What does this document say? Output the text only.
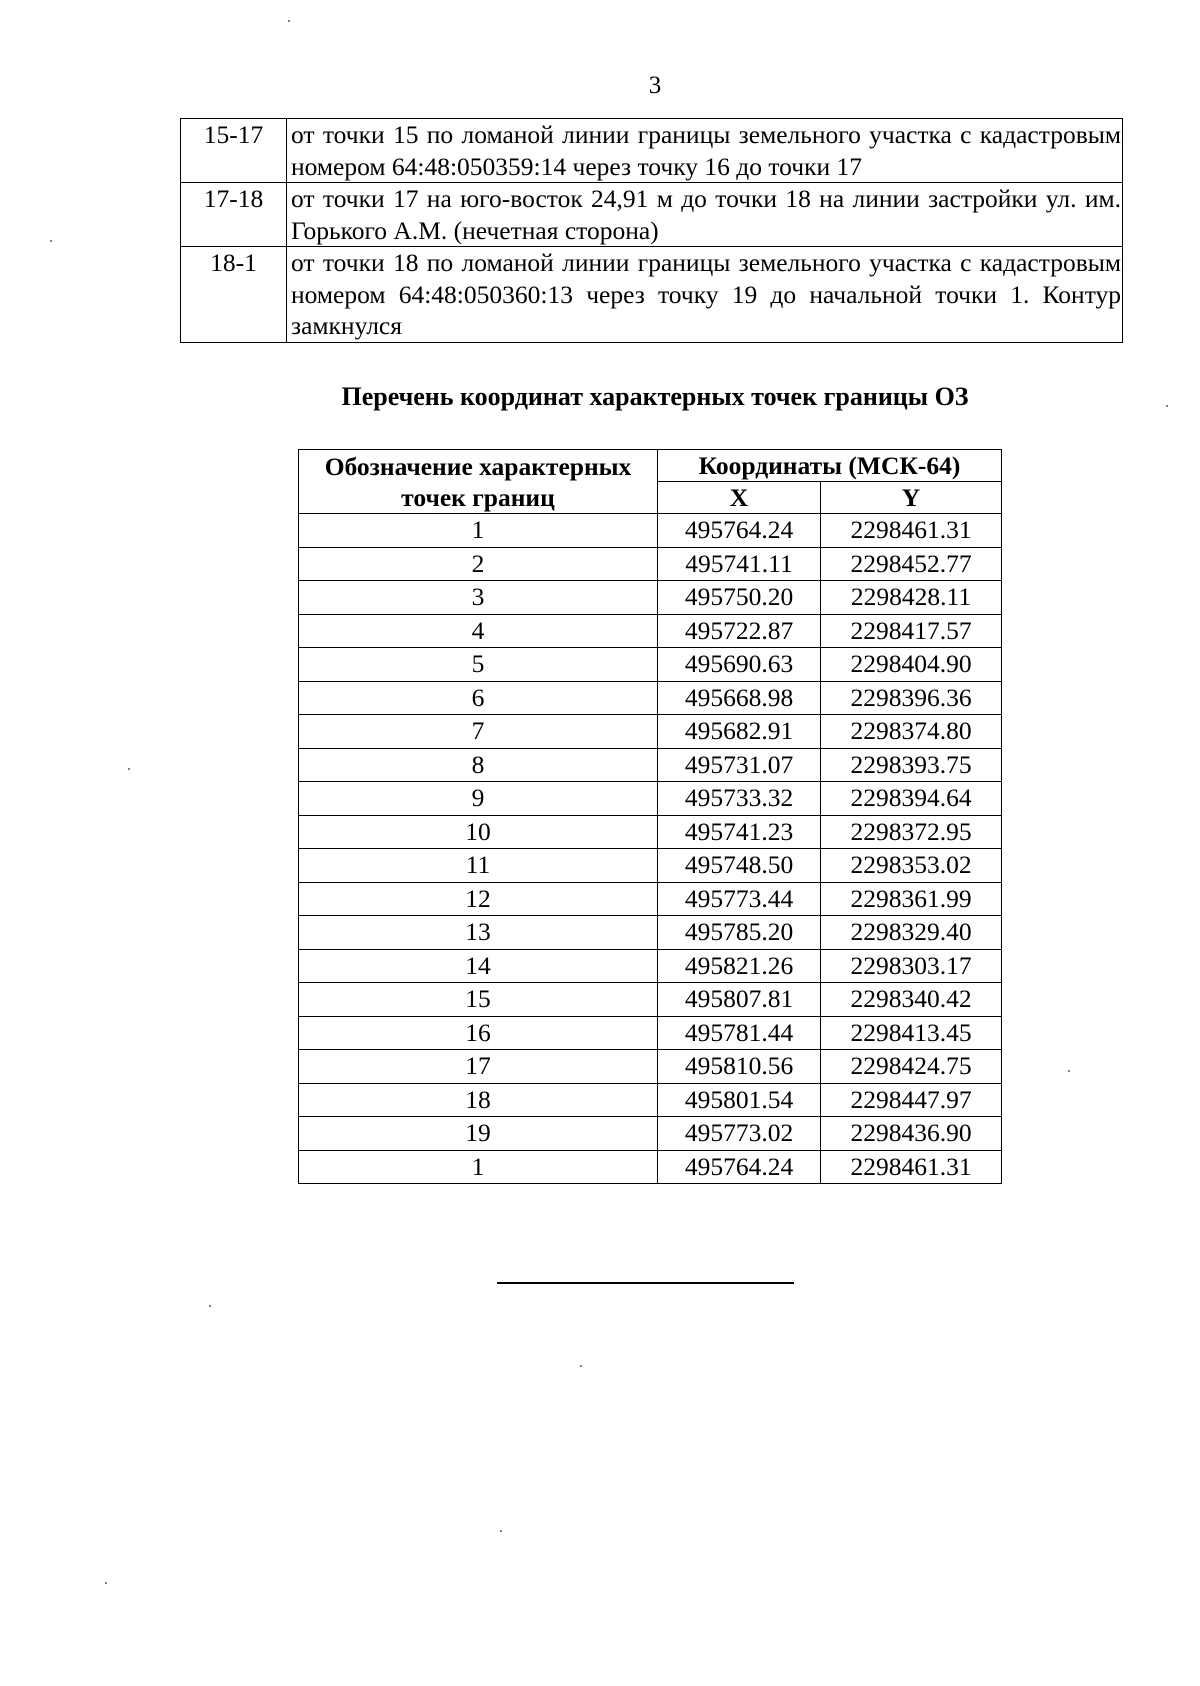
3
15-17	от точки 15 по ломаной линии границы земельного участка с кадастровым номером 64:48:050359:14 через точку 16 до точки 17
17-18	от точки 17 на юго-восток 24,91 м до точки 18 на линии застройки ул. им. Горького А.М. (нечетная сторона)
18-1	от точки 18 по ломаной линии границы земельного участка с кадастровым номером 64:48:050360:13 через точку 19 до начальной точки 1. Контур замкнулся
Перечень координат характерных точек границы ОЗ
Обозначение характерных точек границ	Координаты (МСК-64)	
	X	Y
1	495764.24	2298461.31
2	495741.11	2298452.77
3	495750.20	2298428.11
4	495722.87	2298417.57
5	495690.63	2298404.90
6	495668.98	2298396.36
7	495682.91	2298374.80
8	495731.07	2298393.75
9	495733.32	2298394.64
10	495741.23	2298372.95
11	495748.50	2298353.02
12	495773.44	2298361.99
13	495785.20	2298329.40
14	495821.26	2298303.17
15	495807.81	2298340.42
16	495781.44	2298413.45
17	495810.56	2298424.75
18	495801.54	2298447.97
19	495773.02	2298436.90
1	495764.24	2298461.31
